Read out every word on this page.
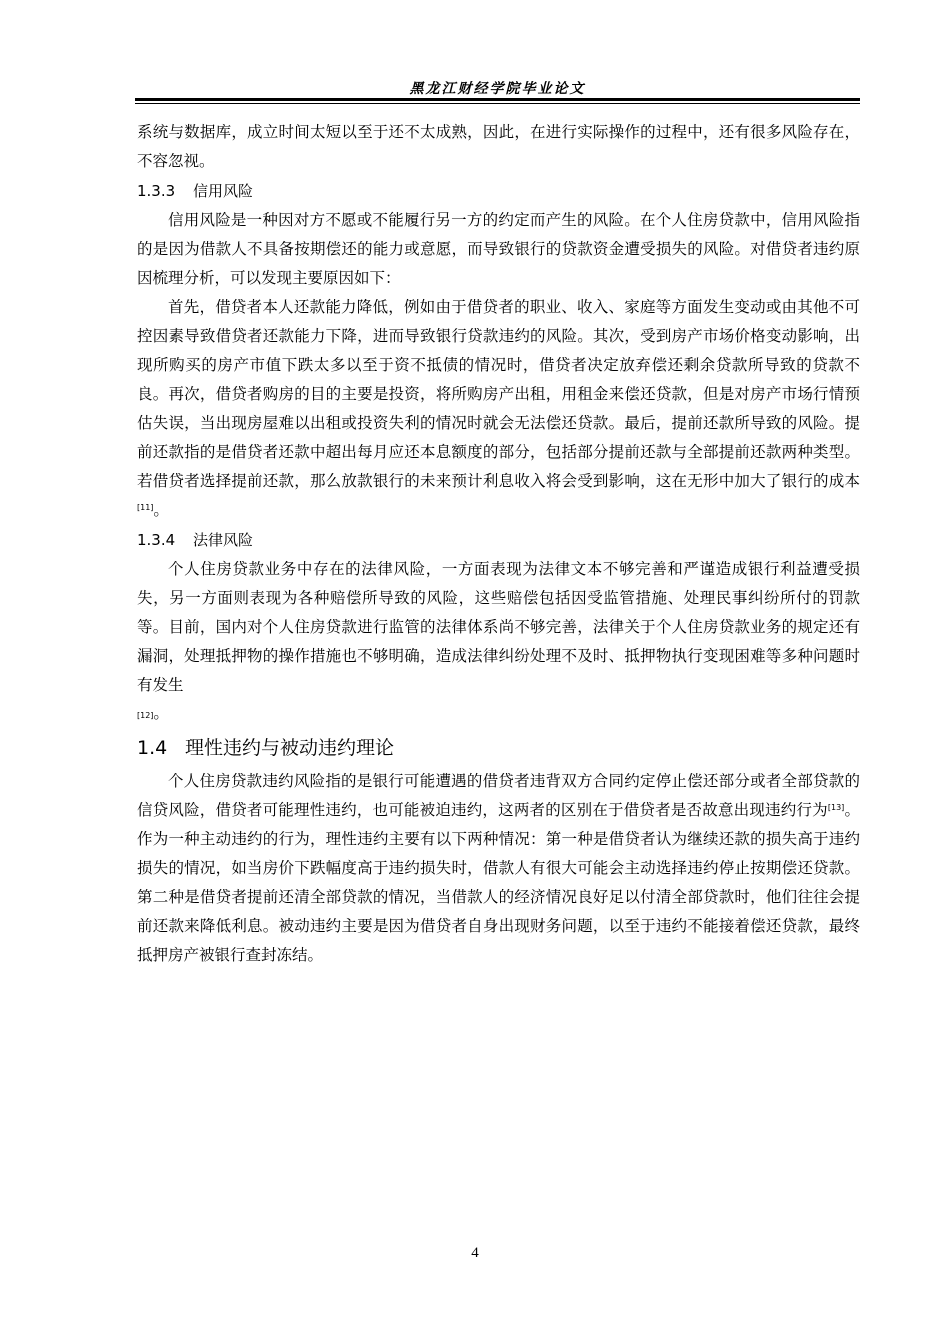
黑龙江财经学院毕业论文

系统与数据库，成立时间太短以至于还不太成熟，因此，在进行实际操作的过程中，还有很多风险存在，不容忽视。

1.3.3 信用风险

信用风险是一种因对方不愿或不能履行另一方的约定而产生的风险。在个人住房贷款中，信用风险指的是因为借款人不具备按期偿还的能力或意愿，而导致银行的贷款资金遭受损失的风险。对借贷者违约原因梳理分析，可以发现主要原因如下：

首先，借贷者本人还款能力降低，例如由于借贷者的职业、收入、家庭等方面发生变动或由其他不可控因素导致借贷者还款能力下降，进而导致银行贷款违约的风险。其次，受到房产市场价格变动影响，出现所购买的房产市值下跌太多以至于资不抵债的情况时，借贷者决定放弃偿还剩余贷款所导致的贷款不良。再次，借贷者购房的目的主要是投资，将所购房产出租，用租金来偿还贷款，但是对房产市场行情预估失误，当出现房屋难以出租或投资失利的情况时就会无法偿还贷款。最后，提前还款所导致的风险。提前还款指的是借贷者还款中超出每月应还本息额度的部分，包括部分提前还款与全部提前还款两种类型。若借贷者选择提前还款，那么放款银行的未来预计利息收入将会受到影响，这在无形中加大了银行的成本[11]。

1.3.4 法律风险

个人住房贷款业务中存在的法律风险，一方面表现为法律文本不够完善和严谨造成银行利益遭受损失，另一方面则表现为各种赔偿所导致的风险，这些赔偿包括因受监管措施、处理民事纠纷所付的罚款等。目前，国内对个人住房贷款进行监管的法律体系尚不够完善，法律关于个人住房贷款业务的规定还有漏洞，处理抵押物的操作措施也不够明确，造成法律纠纷处理不及时、抵押物执行变现困难等多种问题时有发生

[12]。
1.4 理性违约与被动违约理论

个人住房贷款违约风险指的是银行可能遭遇的借贷者违背双方合同约定停止偿还部分或者全部贷款的信贷风险，借贷者可能理性违约，也可能被迫违约，这两者的区别在于借贷者是否故意出现违约行为[13]。作为一种主动违约的行为，理性违约主要有以下两种情况：第一种是借贷者认为继续还款的损失高于违约损失的情况，如当房价下跌幅度高于违约损失时，借款人有很大可能会主动选择违约停止按期偿还贷款。第二种是借贷者提前还清全部贷款的情况，当借款人的经济情况良好足以付清全部贷款时，他们往往会提前还款来降低利息。被动违约主要是因为借贷者自身出现财务问题，以至于违约不能接着偿还贷款，最终抵押房产被银行查封冻结。

4
